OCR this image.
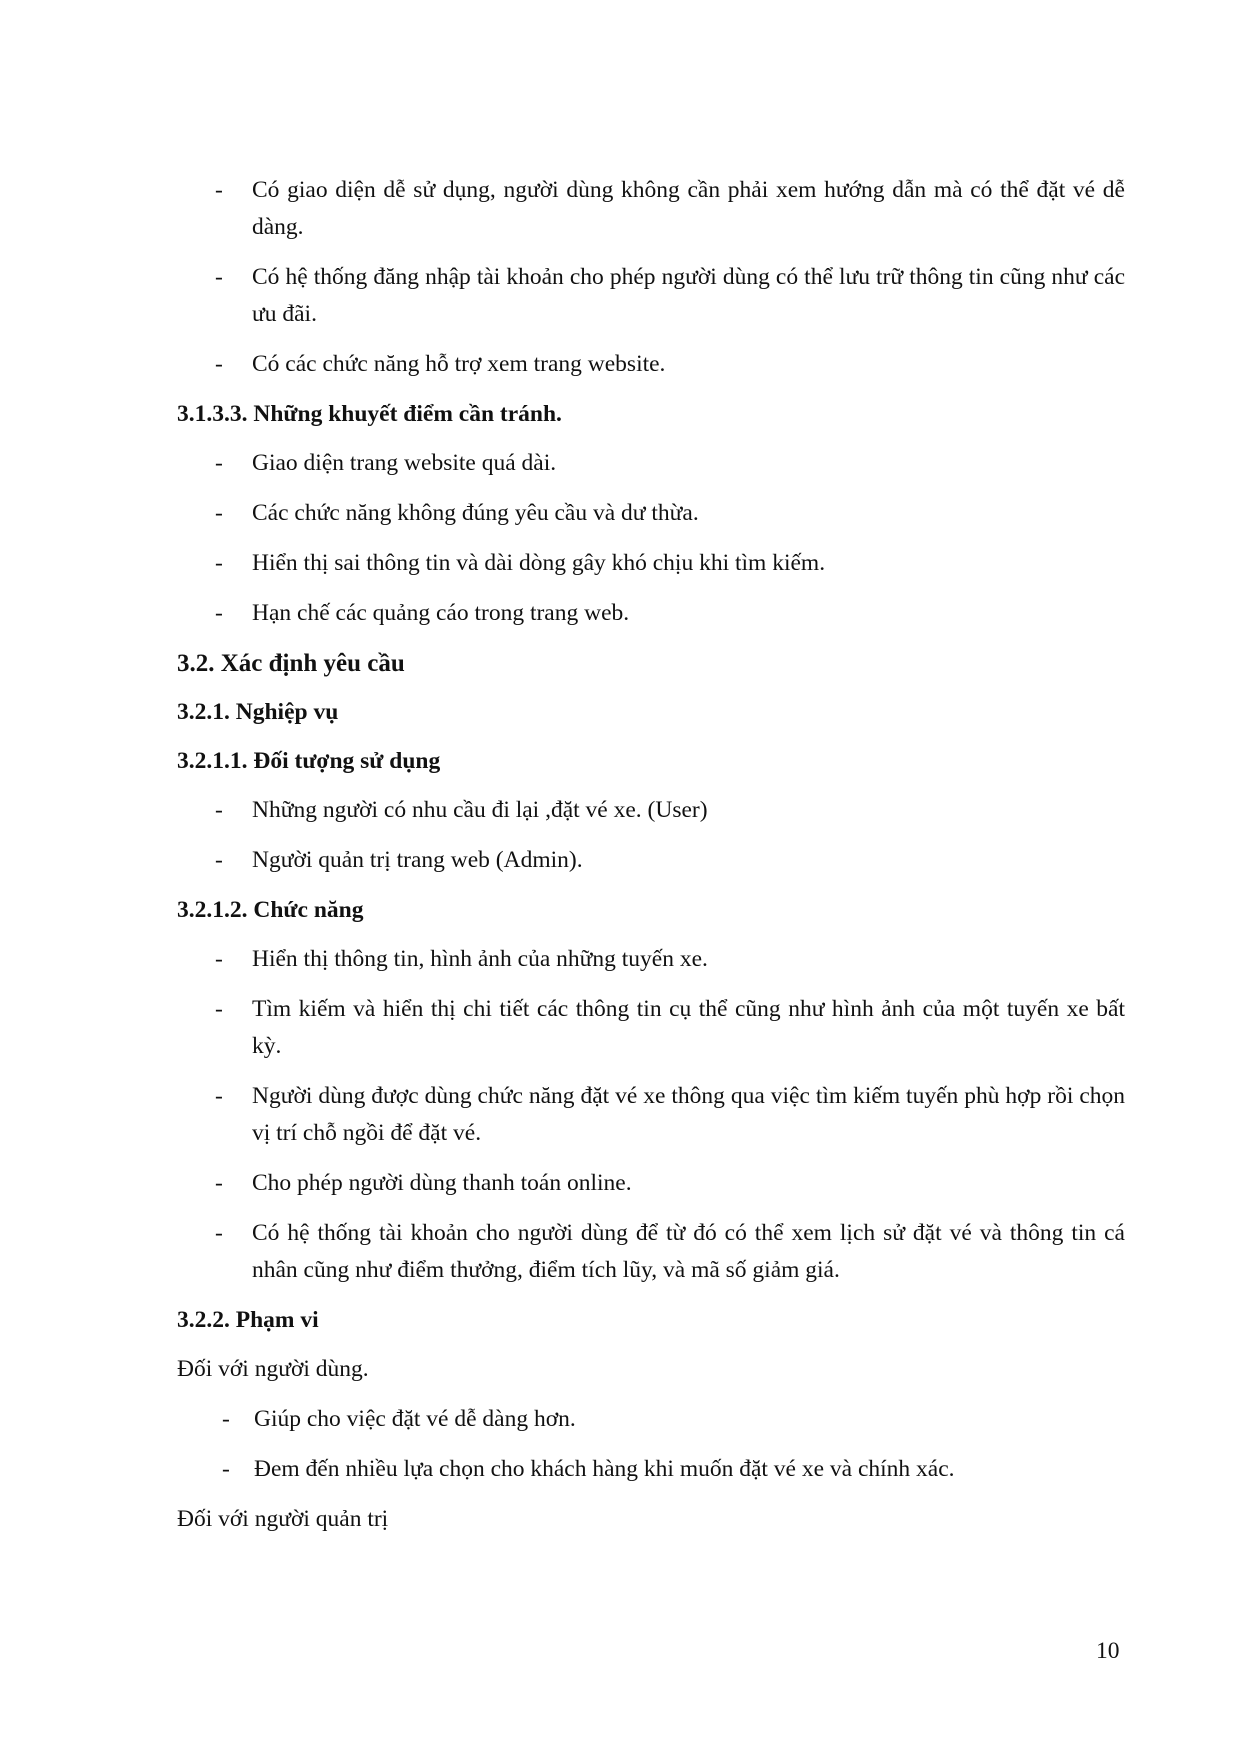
- Có giao diện dễ sử dụng, người dùng không cần phải xem hướng dẫn mà có thể đặt vé dễ dàng.
- Có hệ thống đăng nhập tài khoản cho phép người dùng có thể lưu trữ thông tin cũng như các ưu đãi.
- Có các chức năng hỗ trợ xem trang website.
3.1.3.3. Những khuyết điểm cần tránh.
- Giao diện trang website quá dài.
- Các chức năng không đúng yêu cầu và dư thừa.
- Hiển thị sai thông tin và dài dòng gây khó chịu khi tìm kiếm.
- Hạn chế các quảng cáo trong trang web.
3.2. Xác định yêu cầu
3.2.1. Nghiệp vụ
3.2.1.1. Đối tượng sử dụng
- Những người có nhu cầu đi lại ,đặt vé xe. (User)
- Người quản trị trang web (Admin).
3.2.1.2. Chức năng
- Hiển thị thông tin, hình ảnh của những tuyến xe.
- Tìm kiếm và hiển thị chi tiết các thông tin cụ thể cũng như hình ảnh của một tuyến xe bất kỳ.
- Người dùng được dùng chức năng đặt vé xe thông qua việc tìm kiếm tuyến phù hợp rồi chọn vị trí chỗ ngồi để đặt vé.
- Cho phép người dùng thanh toán online.
- Có hệ thống tài khoản cho người dùng để từ đó có thể xem lịch sử đặt vé và thông tin cá nhân cũng như điểm thưởng, điểm tích lũy, và mã số giảm giá.
3.2.2. Phạm vi
Đối với người dùng.
- Giúp cho việc đặt vé dễ dàng hơn.
- Đem đến nhiều lựa chọn cho khách hàng khi muốn đặt vé xe và chính xác.
Đối với người quản trị
10
